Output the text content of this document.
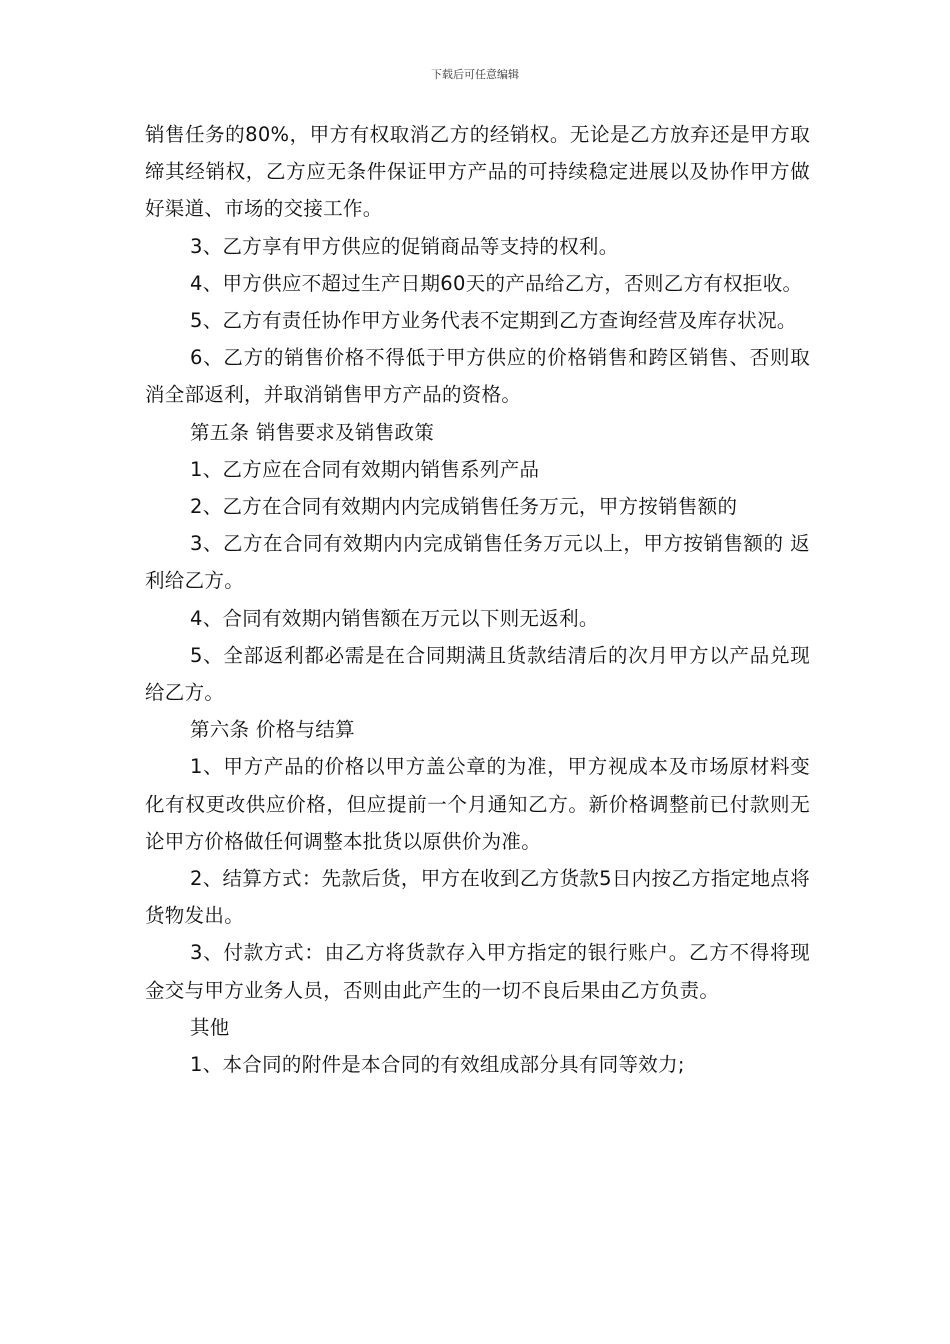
下载后可任意编辑

销售任务的80%，甲方有权取消乙方的经销权。无论是乙方放弃还是甲方取缔其经销权，乙方应无条件保证甲方产品的可持续稳定进展以及协作甲方做好渠道、市场的交接工作。

3、乙方享有甲方供应的促销商品等支持的权利。

4、甲方供应不超过生产日期60天的产品给乙方，否则乙方有权拒收。

5、乙方有责任协作甲方业务代表不定期到乙方查询经营及库存状况。

6、乙方的销售价格不得低于甲方供应的价格销售和跨区销售、否则取消全部返利，并取消销售甲方产品的资格。

第五条 销售要求及销售政策

1、乙方应在合同有效期内销售系列产品

2、乙方在合同有效期内内完成销售任务万元，甲方按销售额的

3、乙方在合同有效期内内完成销售任务万元以上，甲方按销售额的 返利给乙方。

4、合同有效期内销售额在万元以下则无返利。

5、全部返利都必需是在合同期满且货款结清后的次月甲方以产品兑现给乙方。

第六条 价格与结算

1、甲方产品的价格以甲方盖公章的为准，甲方视成本及市场原材料变化有权更改供应价格，但应提前一个月通知乙方。新价格调整前已付款则无论甲方价格做任何调整本批货以原供价为准。

2、结算方式：先款后货，甲方在收到乙方货款5日内按乙方指定地点将货物发出。

3、付款方式：由乙方将货款存入甲方指定的银行账户。乙方不得将现金交与甲方业务人员，否则由此产生的一切不良后果由乙方负责。

其他

1、本合同的附件是本合同的有效组成部分具有同等效力;
